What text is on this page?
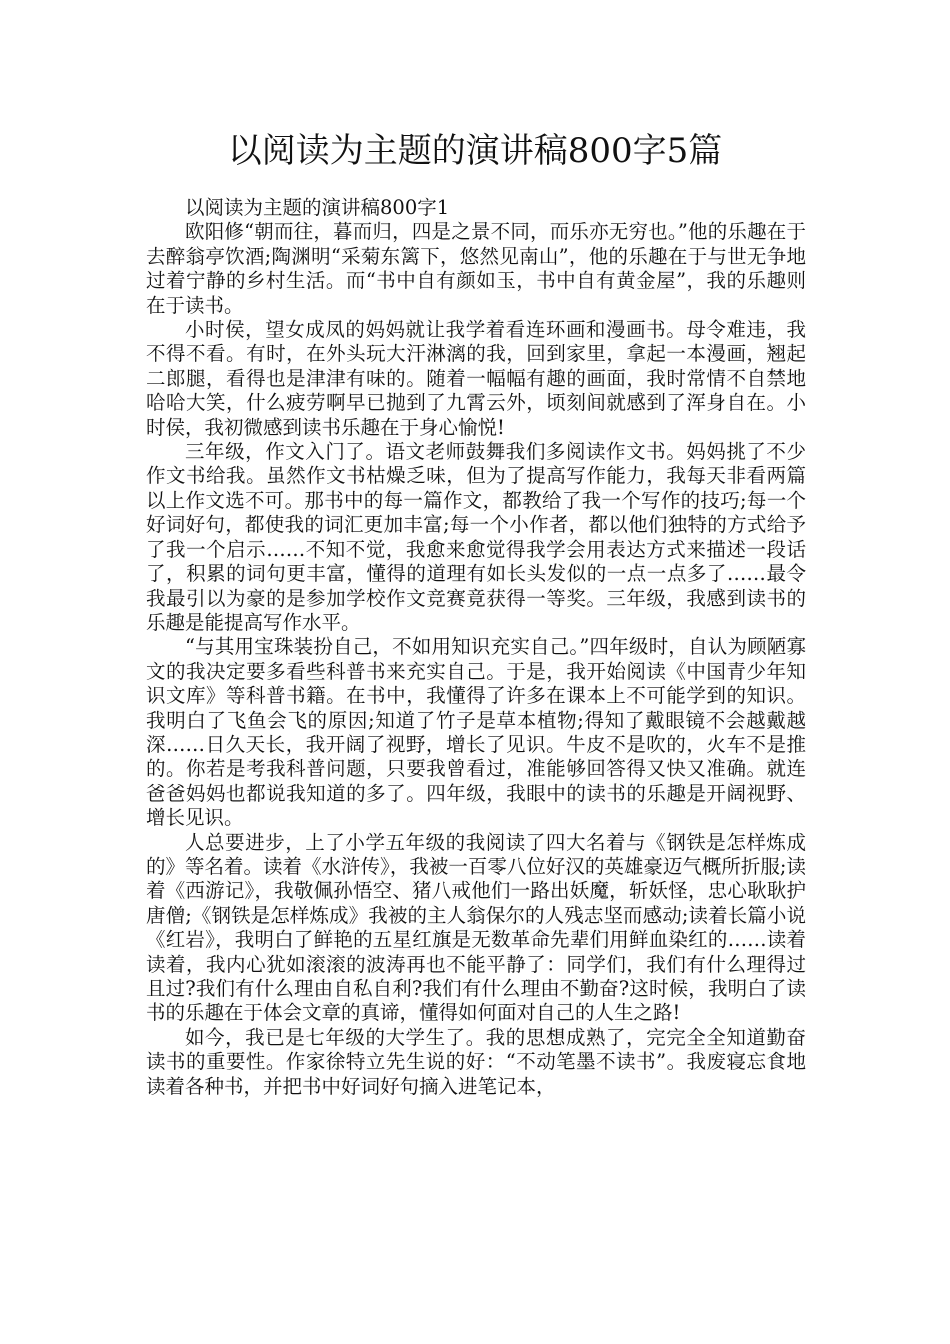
以阅读为主题的演讲稿800字5篇

以阅读为主题的演讲稿800字1

欧阳修“朝而往，暮而归，四是之景不同，而乐亦无穷也。”他的乐趣在于去醉翁亭饮酒;陶渊明“采菊东篱下，悠然见南山”，他的乐趣在于与世无争地过着宁静的乡村生活。而“书中自有颜如玉，书中自有黄金屋”，我的乐趣则在于读书。

小时侯，望女成凤的妈妈就让我学着看连环画和漫画书。母令难违，我不得不看。有时，在外头玩大汗淋漓的我，回到家里，拿起一本漫画，翘起二郎腿，看得也是津津有味的。随着一幅幅有趣的画面，我时常情不自禁地哈哈大笑，什么疲劳啊早已抛到了九霄云外，顷刻间就感到了浑身自在。小时侯，我初微感到读书乐趣在于身心愉悦!

三年级，作文入门了。语文老师鼓舞我们多阅读作文书。妈妈挑了不少作文书给我。虽然作文书枯燥乏味，但为了提高写作能力，我每天非看两篇以上作文选不可。那书中的每一篇作文，都教给了我一个写作的技巧;每一个好词好句，都使我的词汇更加丰富;每一个小作者，都以他们独特的方式给予了我一个启示……不知不觉，我愈来愈觉得我学会用表达方式来描述一段话了，积累的词句更丰富，懂得的道理有如长头发似的一点一点多了……最令我最引以为豪的是参加学校作文竞赛竟获得一等奖。三年级，我感到读书的乐趣是能提高写作水平。

“与其用宝珠装扮自己，不如用知识充实自己。”四年级时，自认为顾陋寡文的我决定要多看些科普书来充实自己。于是，我开始阅读《中国青少年知识文库》等科普书籍。在书中，我懂得了许多在课本上不可能学到的知识。我明白了飞鱼会飞的原因;知道了竹子是草本植物;得知了戴眼镜不会越戴越深……日久天长，我开阔了视野，增长了见识。牛皮不是吹的，火车不是推的。你若是考我科普问题，只要我曾看过，准能够回答得又快又准确。就连爸爸妈妈也都说我知道的多了。四年级，我眼中的读书的乐趣是开阔视野、增长见识。

人总要进步，上了小学五年级的我阅读了四大名着与《钢铁是怎样炼成的》等名着。读着《水浒传》，我被一百零八位好汉的英雄豪迈气概所折服;读着《西游记》，我敬佩孙悟空、猪八戒他们一路出妖魔，斩妖怪，忠心耿耿护唐僧;《钢铁是怎样炼成》我被的主人翁保尔的人残志坚而感动;读着长篇小说《红岩》，我明白了鲜艳的五星红旗是无数革命先辈们用鲜血染红的……读着读着，我内心犹如滚滚的波涛再也不能平静了：同学们，我们有什么理得过且过?我们有什么理由自私自利?我们有什么理由不勤奋?这时候，我明白了读书的乐趣在于体会文章的真谛，懂得如何面对自己的人生之路!

如今，我已是七年级的大学生了。我的思想成熟了，完完全全知道勤奋读书的重要性。作家徐特立先生说的好：“不动笔墨不读书”。我废寝忘食地读着各种书，并把书中好词好句摘入进笔记本，
